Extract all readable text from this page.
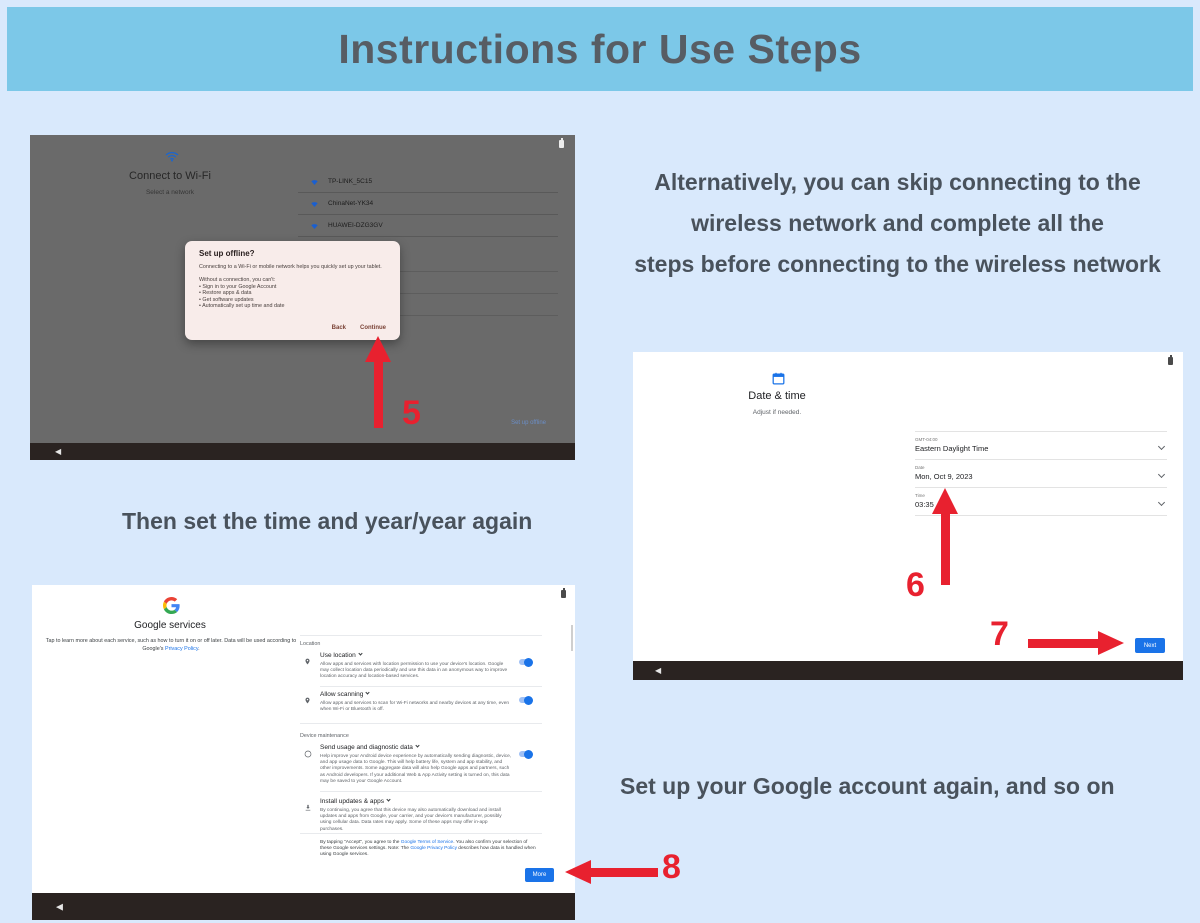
Instructions for Use Steps
Connect to Wi-Fi
Select a network
TP-LINK_5C15
ChinaNet-YK34
HUAWEI-DZG3GV
Set up offline?
Connecting to a Wi-Fi or mobile network helps you quickly set up your tablet.
Without a connection, you can't:
• Sign in to your Google Account
• Restore apps & data
• Get software updates
• Automatically set up time and date
Back Continue
Set up offline
◀
5
Alternatively, you can skip connecting to the
wireless network and complete all the
steps before connecting to the wireless network
Date & time
Adjust if needed.
GMT-04:00
Eastern Daylight Time
Date
Mon, Oct 9, 2023
Time
03:35
Next
◀
6
7
Then set the time and year/year again
Google services
Tap to learn more about each service, such as how to turn it on or off later. Data will be used according to Google's Privacy Policy.
Location
Use location
Allow apps and services with location permission to use your device's location. Google may collect location data periodically and use this data in an anonymous way to improve location accuracy and location-based services.
Allow scanning
Allow apps and services to scan for Wi-Fi networks and nearby devices at any time, even when Wi-Fi or Bluetooth is off.
Device maintenance
Send usage and diagnostic data
Help improve your Android device experience by automatically sending diagnostic, device, and app usage data to Google. This will help battery life, system and app stability, and other improvements. Some aggregate data will also help Google apps and partners, such as Android developers. If your additional Web & App Activity setting is turned on, this data may be saved to your Google Account.
Install updates & apps
By continuing, you agree that this device may also automatically download and install updates and apps from Google, your carrier, and your device's manufacturer, possibly using cellular data. Data rates may apply. Some of these apps may offer in-app purchases.
By tapping "Accept", you agree to the Google Terms of Service. You also confirm your selection of these Google services settings. Note: The Google Privacy Policy describes how data is handled when using Google services.
More
◀
8
Set up your Google account again, and so on
